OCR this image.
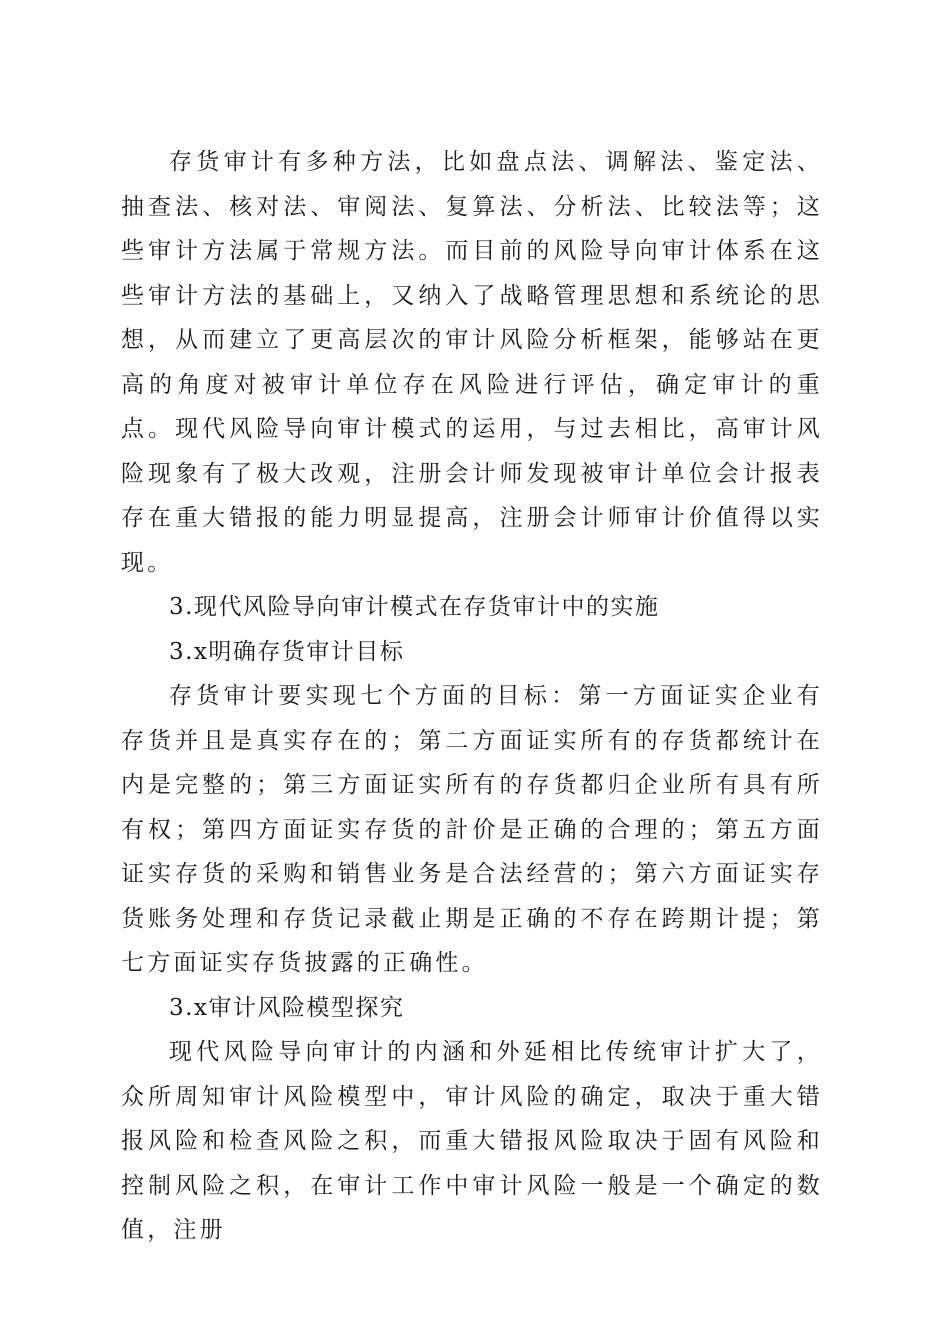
存货审计有多种方法，比如盘点法、调解法、鉴定法、抽查法、核对法、审阅法、复算法、分析法、比较法等；这些审计方法属于常规方法。而目前的风险导向审计体系在这些审计方法的基础上，又纳入了战略管理思想和系统论的思想，从而建立了更高层次的审计风险分析框架，能够站在更高的角度对被审计单位存在风险进行评估，确定审计的重点。现代风险导向审计模式的运用，与过去相比，高审计风险现象有了极大改观，注册会计师发现被审计单位会计报表存在重大错报的能力明显提高，注册会计师审计价值得以实现。

3.现代风险导向审计模式在存货审计中的实施

3.x明确存货审计目标

存货审计要实现七个方面的目标：第一方面证实企业有存货并且是真实存在的；第二方面证实所有的存货都统计在内是完整的；第三方面证实所有的存货都归企业所有具有所有权；第四方面证实存货的計价是正确的合理的；第五方面证实存货的采购和销售业务是合法经营的；第六方面证实存货账务处理和存货记录截止期是正确的不存在跨期计提；第七方面证实存货披露的正确性。

3.x审计风险模型探究

现代风险导向审计的内涵和外延相比传统审计扩大了，众所周知审计风险模型中，审计风险的确定，取决于重大错报风险和检查风险之积，而重大错报风险取决于固有风险和控制风险之积，在审计工作中审计风险一般是一个确定的数值，注册
